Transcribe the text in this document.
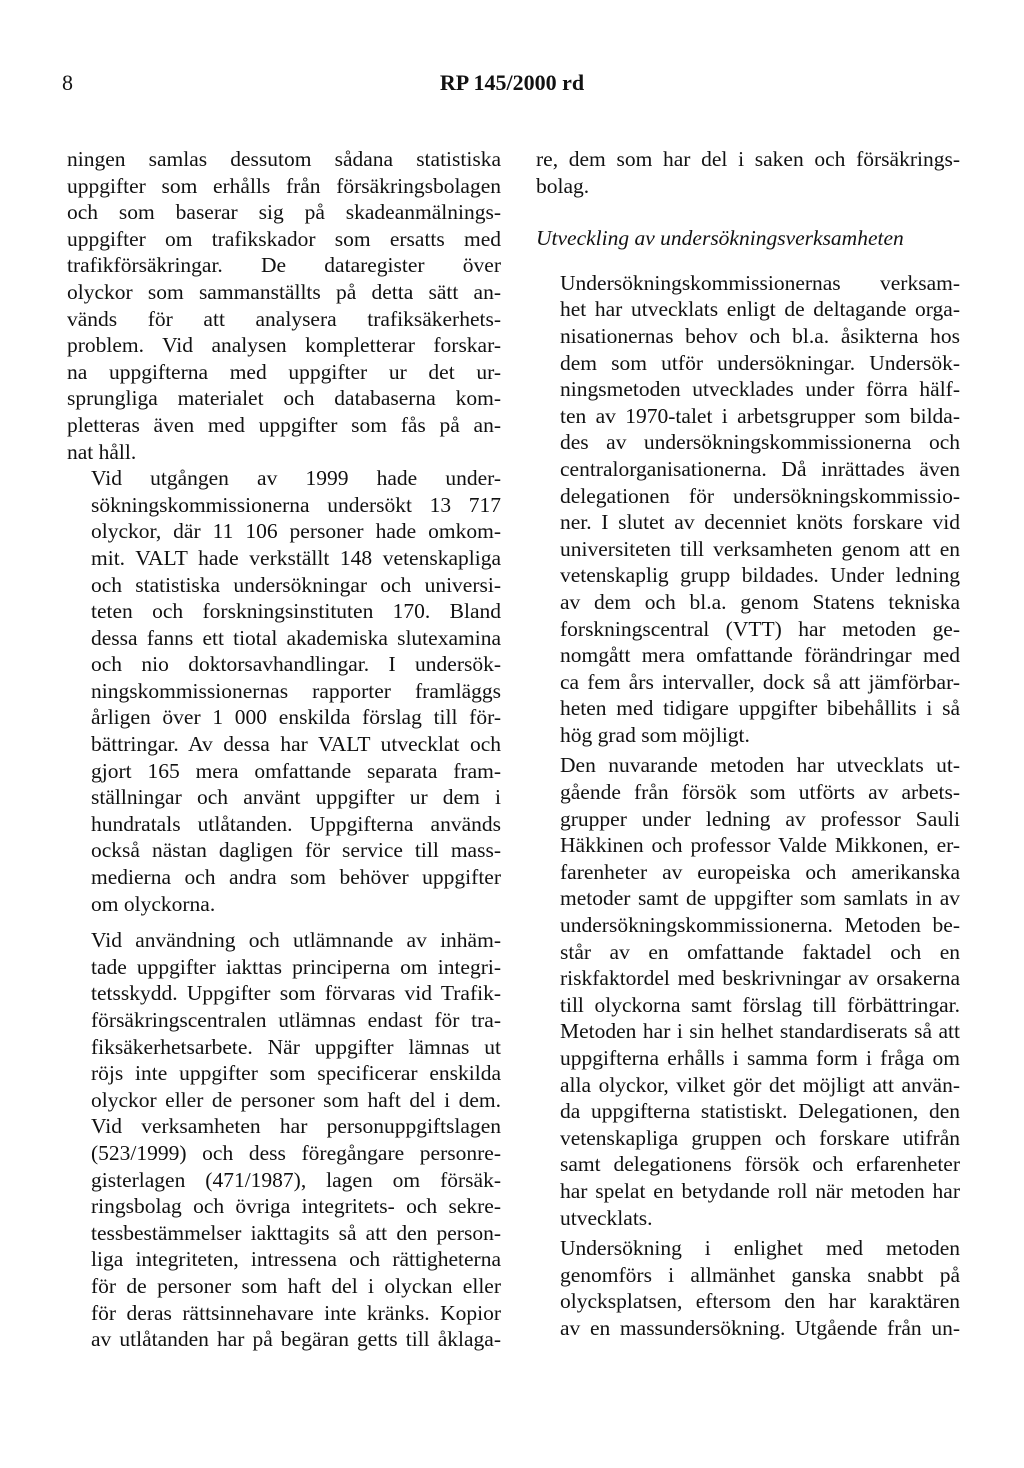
8	RP 145/2000 rd
ningen samlas dessutom sådana statistiska
uppgifter som erhålls från försäkringsbolagen
och som baserar sig på skadeanmälnings-
uppgifter om trafikskador som ersatts med
trafikförsäkringar. De dataregister över
olyckor som sammanställts på detta sätt an-
vänds för att analysera trafiksäkerhets-
problem. Vid analysen kompletterar forskar-
na uppgifterna med uppgifter ur det ur-
sprungliga materialet och databaserna kom-
pletteras även med uppgifter som fås på an-
nat håll.
Vid utgången av 1999 hade under-
sökningskommissionerna undersökt 13 717
olyckor, där 11 106 personer hade omkom-
mit. VALT hade verkställt 148 vetenskapliga
och statistiska undersökningar och universi-
teten och forskningsinstituten 170. Bland
dessa fanns ett tiotal akademiska slutexamina
och nio doktorsavhandlingar. I undersök-
ningskommissionernas rapporter framläggs
årligen över 1 000 enskilda förslag till för-
bättringar. Av dessa har VALT utvecklat och
gjort 165 mera omfattande separata fram-
ställningar och använt uppgifter ur dem i
hundratals utlåtanden. Uppgifterna används
också nästan dagligen för service till mass-
medierna och andra som behöver uppgifter
om olyckorna.
Vid användning och utlämnande av inhäm-
tade uppgifter iakttas principerna om integri-
tetsskydd. Uppgifter som förvaras vid Trafik-
försäkringscentralen utlämnas endast för tra-
fiksäkerhetsarbete. När uppgifter lämnas ut
röjs inte uppgifter som specificerar enskilda
olyckor eller de personer som haft del i dem.
Vid verksamheten har personuppgiftslagen
(523/1999) och dess föregångare personre-
gisterlagen (471/1987), lagen om försäk-
ringsbolag och övriga integritets- och sekre-
tessbestämmelser iakttagits så att den person-
liga integriteten, intressena och rättigheterna
för de personer som haft del i olyckan eller
för deras rättsinnehavare inte kränks. Kopior
av utlåtanden har på begäran getts till åklaga-
re, dem som har del i saken och försäkrings-
bolag.
Utveckling av undersökningsverksamheten
Undersökningskommissionernas verksam-
het har utvecklats enligt de deltagande orga-
nisationernas behov och bl.a. åsikterna hos
dem som utför undersökningar. Undersök-
ningsmetoden utvecklades under förra hälf-
ten av 1970-talet i arbetsgrupper som bilda-
des av undersökningskommissionerna och
centralorganisationerna. Då inrättades även
delegationen för undersökningskommissio-
ner. I slutet av decenniet knöts forskare vid
universiteten till verksamheten genom att en
vetenskaplig grupp bildades. Under ledning
av dem och bl.a. genom Statens tekniska
forskningscentral (VTT) har metoden ge-
nomgått mera omfattande förändringar med
ca fem års intervaller, dock så att jämförbar-
heten med tidigare uppgifter bibehållits i så
hög grad som möjligt.
Den nuvarande metoden har utvecklats ut-
gående från försök som utförts av arbets-
grupper under ledning av professor Sauli
Häkkinen och professor Valde Mikkonen, er-
farenheter av europeiska och amerikanska
metoder samt de uppgifter som samlats in av
undersökningskommissionerna. Metoden be-
står av en omfattande faktadel och en
riskfaktordel med beskrivningar av orsakerna
till olyckorna samt förslag till förbättringar.
Metoden har i sin helhet standardiserats så att
uppgifterna erhålls i samma form i fråga om
alla olyckor, vilket gör det möjligt att använ-
da uppgifterna statistiskt. Delegationen, den
vetenskapliga gruppen och forskare utifrån
samt delegationens försök och erfarenheter
har spelat en betydande roll när metoden har
utvecklats.
Undersökning i enlighet med metoden
genomförs i allmänhet ganska snabbt på
olycksplatsen, eftersom den har karaktären
av en massundersökning. Utgående från un-
